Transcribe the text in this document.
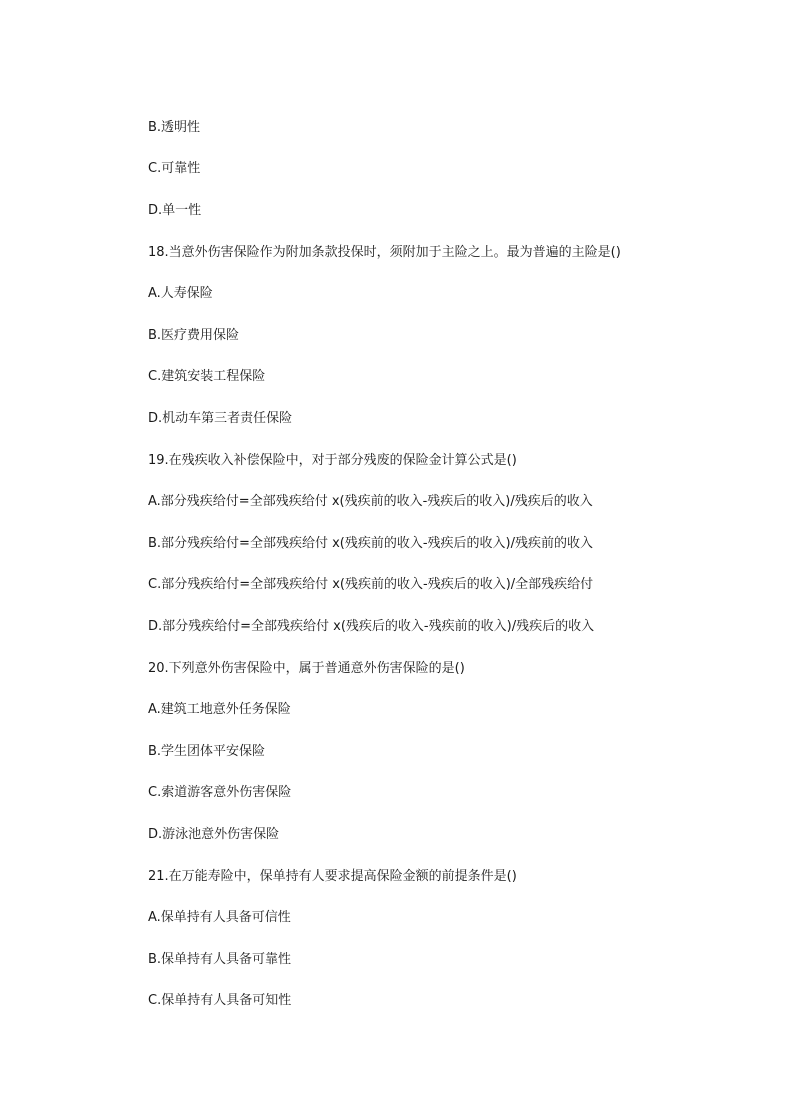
B.透明性
C.可靠性
D.单一性
18.当意外伤害保险作为附加条款投保时，须附加于主险之上。最为普遍的主险是()
A.人寿保险
B.医疗费用保险
C.建筑安装工程保险
D.机动车第三者责任保险
19.在残疾收入补偿保险中，对于部分残废的保险金计算公式是()
A.部分残疾给付=全部残疾给付 x(残疾前的收入-残疾后的收入)/残疾后的收入
B.部分残疾给付=全部残疾给付 x(残疾前的收入-残疾后的收入)/残疾前的收入
C.部分残疾给付=全部残疾给付 x(残疾前的收入-残疾后的收入)/全部残疾给付
D.部分残疾给付=全部残疾给付 x(残疾后的收入-残疾前的收入)/残疾后的收入
20.下列意外伤害保险中，属于普通意外伤害保险的是()
A.建筑工地意外任务保险
B.学生团体平安保险
C.索道游客意外伤害保险
D.游泳池意外伤害保险
21.在万能寿险中，保单持有人要求提高保险金额的前提条件是()
A.保单持有人具备可信性
B.保单持有人具备可靠性
C.保单持有人具备可知性
